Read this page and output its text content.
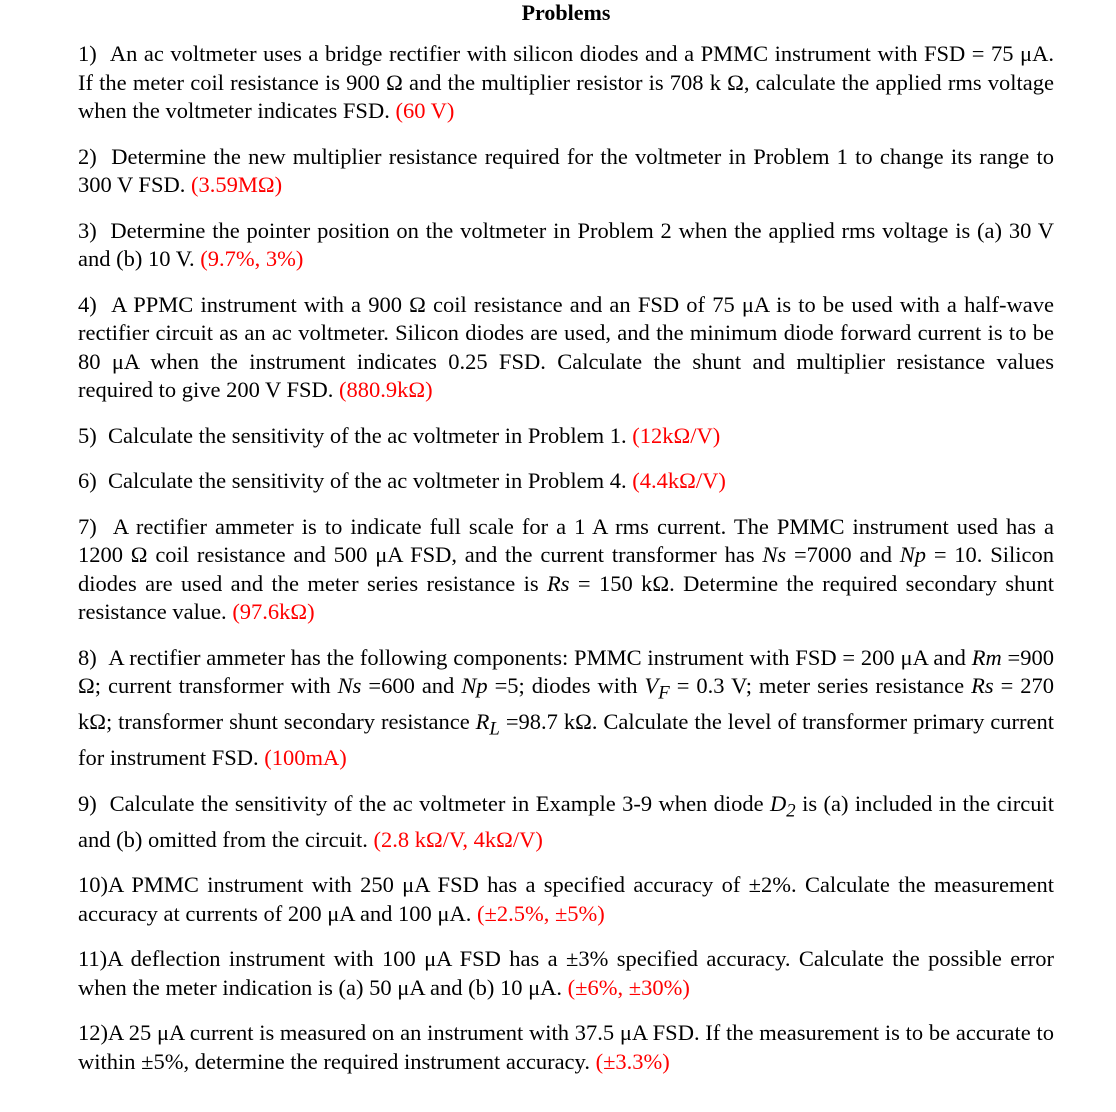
Problems

1) An ac voltmeter uses a bridge rectifier with silicon diodes and a PMMC instrument with FSD = 75 μA. If the meter coil resistance is 900 Ω and the multiplier resistor is 708 k Ω, calculate the applied rms voltage when the voltmeter indicates FSD. (60 V)

2) Determine the new multiplier resistance required for the voltmeter in Problem 1 to change its range to 300 V FSD. (3.59MΩ)

3) Determine the pointer position on the voltmeter in Problem 2 when the applied rms voltage is (a) 30 V and (b) 10 V. (9.7%, 3%)

4) A PPMC instrument with a 900 Ω coil resistance and an FSD of 75 μA is to be used with a half-wave rectifier circuit as an ac voltmeter. Silicon diodes are used, and the minimum diode forward current is to be 80 μA when the instrument indicates 0.25 FSD. Calculate the shunt and multiplier resistance values required to give 200 V FSD. (880.9kΩ)

5) Calculate the sensitivity of the ac voltmeter in Problem 1. (12kΩ/V)

6) Calculate the sensitivity of the ac voltmeter in Problem 4. (4.4kΩ/V)

7) A rectifier ammeter is to indicate full scale for a 1 A rms current. The PMMC instrument used has a 1200 Ω coil resistance and 500 μA FSD, and the current transformer has Ns =7000 and Np = 10. Silicon diodes are used and the meter series resistance is Rs = 150 kΩ. Determine the required secondary shunt resistance value. (97.6kΩ)

8) A rectifier ammeter has the following components: PMMC instrument with FSD = 200 μA and Rm =900 Ω; current transformer with Ns =600 and Np =5; diodes with $V_F = 0.3$ V; meter series resistance Rs = 270 kΩ; transformer shunt secondary resistance $R_L =98.7$ kΩ. Calculate the level of transformer primary current for instrument FSD. (100mA)

9) Calculate the sensitivity of the ac voltmeter in Example 3-9 when diode $D_2$ is (a) included in the circuit and (b) omitted from the circuit. (2.8 kΩ/V, 4kΩ/V)

10)A PMMC instrument with 250 μA FSD has a specified accuracy of ±2%. Calculate the measurement accuracy at currents of 200 μA and 100 μA. (±2.5%, ±5%)

11)A deflection instrument with 100 μA FSD has a ±3% specified accuracy. Calculate the possible error when the meter indication is (a) 50 μA and (b) 10 μA. (±6%, ±30%)

12)A 25 μA current is measured on an instrument with 37.5 μA FSD. If the measurement is to be accurate to within ±5%, determine the required instrument accuracy. (±3.3%)
